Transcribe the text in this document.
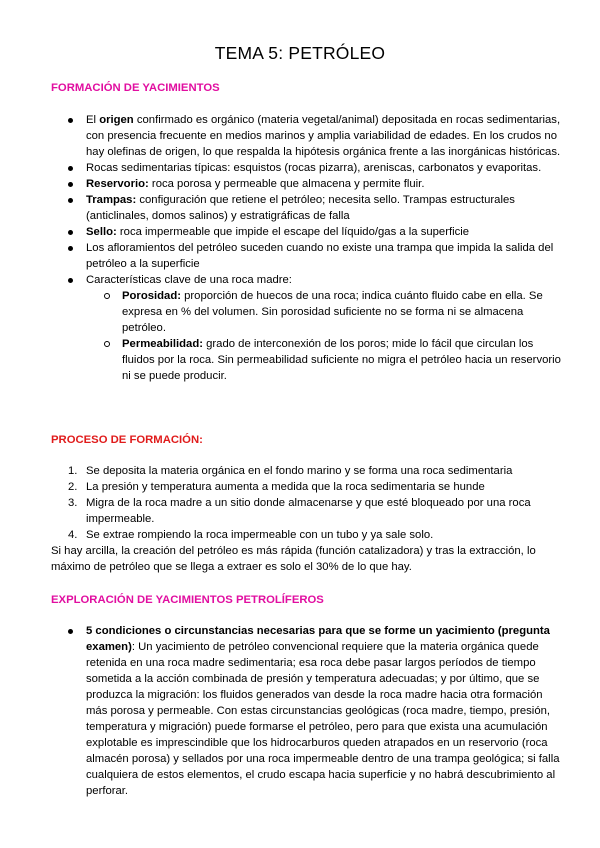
TEMA 5: PETRÓLEO
FORMACIÓN DE YACIMIENTOS
El origen confirmado es orgánico (materia vegetal/animal) depositada en rocas sedimentarias, con presencia frecuente en medios marinos y amplia variabilidad de edades. En los crudos no hay olefinas de origen, lo que respalda la hipótesis orgánica frente a las inorgánicas históricas.
Rocas sedimentarias típicas: esquistos (rocas pizarra), areniscas, carbonatos y evaporitas.
Reservorio: roca porosa y permeable que almacena y permite fluir.
Trampas: configuración que retiene el petróleo; necesita sello. Trampas estructurales (anticlinales, domos salinos) y estratigráficas de falla
Sello: roca impermeable que impide el escape del líquido/gas a la superficie
Los afloramientos del petróleo suceden cuando no existe una trampa que impida la salida del petróleo a la superficie
Características clave de una roca madre:
Porosidad: proporción de huecos de una roca; indica cuánto fluido cabe en ella. Se expresa en % del volumen. Sin porosidad suficiente no se forma ni se almacena petróleo.
Permeabilidad: grado de interconexión de los poros; mide lo fácil que circulan los fluidos por la roca. Sin permeabilidad suficiente no migra el petróleo hacia un reservorio ni se puede producir.
PROCESO DE FORMACIÓN:
1. Se deposita la materia orgánica en el fondo marino y se forma una roca sedimentaria
2. La presión y temperatura aumenta a medida que la roca sedimentaria se hunde
3. Migra de la roca madre a un sitio donde almacenarse y que esté bloqueado por una roca impermeable.
4. Se extrae rompiendo la roca impermeable con un tubo y ya sale solo.

Si hay arcilla, la creación del petróleo es más rápida (función catalizadora) y tras la extracción, lo máximo de petróleo que se llega a extraer es solo el 30% de lo que hay.

EXPLORACIÓN DE YACIMIENTOS PETROLÍFEROS
5 condiciones o circunstancias necesarias para que se forme un yacimiento (pregunta examen): Un yacimiento de petróleo convencional requiere que la materia orgánica quede retenida en una roca madre sedimentaria; esa roca debe pasar largos períodos de tiempo sometida a la acción combinada de presión y temperatura adecuadas; y por último, que se produzca la migración: los fluidos generados van desde la roca madre hacia otra formación más porosa y permeable. Con estas circunstancias geológicas (roca madre, tiempo, presión, temperatura y migración) puede formarse el petróleo, pero para que exista una acumulación explotable es imprescindible que los hidrocarburos queden atrapados en un reservorio (roca almacén porosa) y sellados por una roca impermeable dentro de una trampa geológica; si falla cualquiera de estos elementos, el crudo escapa hacia superficie y no habrá descubrimiento al perforar.
